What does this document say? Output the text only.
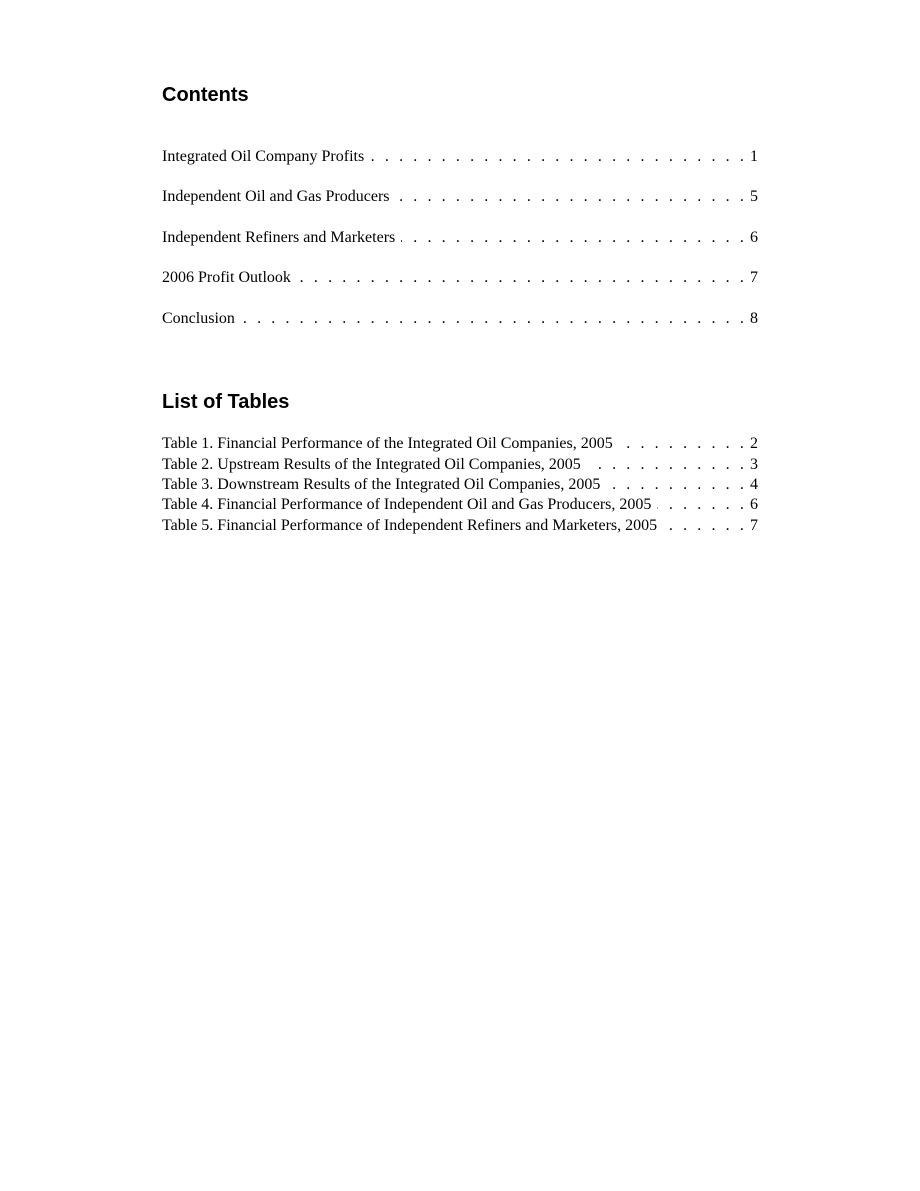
Contents
Integrated Oil Company Profits . . .	1
Independent Oil and Gas Producers . . .	5
Independent Refiners and Marketers . . .	6
2006 Profit Outlook . . .	7
Conclusion . . .	8
List of Tables
Table 1. Financial Performance of the Integrated Oil Companies, 2005 . . .	2
Table 2. Upstream Results of the Integrated Oil Companies, 2005 . . .	3
Table 3. Downstream Results of the Integrated Oil Companies, 2005 . . .	4
Table 4. Financial Performance of Independent Oil and Gas Producers, 2005 . . .	6
Table 5. Financial Performance of Independent Refiners and Marketers, 2005 . . .	7
